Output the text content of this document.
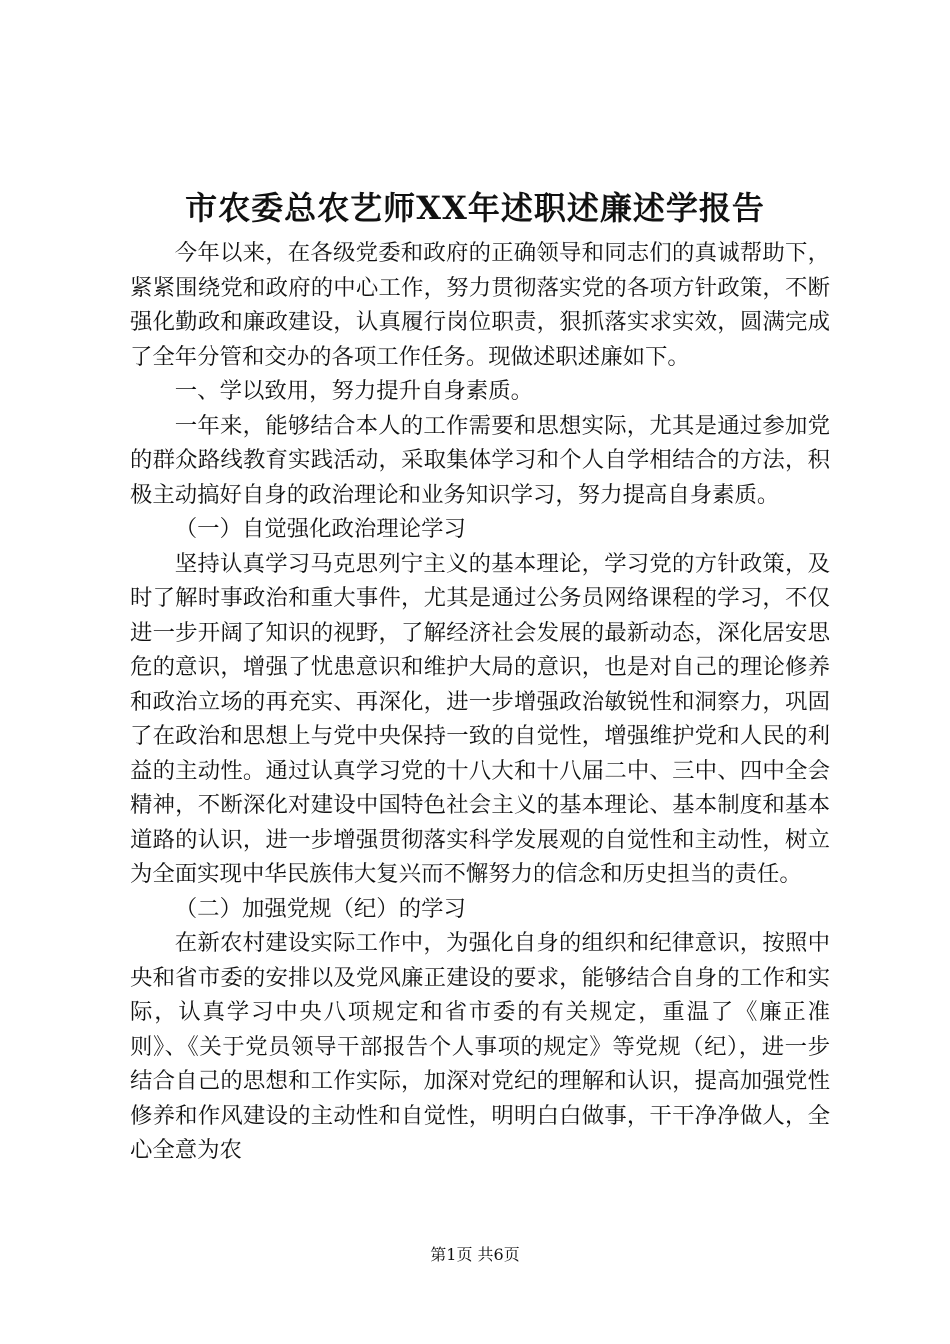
市农委总农艺师XX年述职述廉述学报告

今年以来，在各级党委和政府的正确领导和同志们的真诚帮助下，紧紧围绕党和政府的中心工作，努力贯彻落实党的各项方针政策，不断强化勤政和廉政建设，认真履行岗位职责，狠抓落实求实效，圆满完成了全年分管和交办的各项工作任务。现做述职述廉如下。

一、学以致用，努力提升自身素质。

一年来，能够结合本人的工作需要和思想实际，尤其是通过参加党的群众路线教育实践活动，采取集体学习和个人自学相结合的方法，积极主动搞好自身的政治理论和业务知识学习，努力提高自身素质。

（一）自觉强化政治理论学习

坚持认真学习马克思列宁主义的基本理论，学习党的方针政策，及时了解时事政治和重大事件，尤其是通过公务员网络课程的学习，不仅进一步开阔了知识的视野，了解经济社会发展的最新动态，深化居安思危的意识，增强了忧患意识和维护大局的意识，也是对自己的理论修养和政治立场的再充实、再深化，进一步增强政治敏锐性和洞察力，巩固了在政治和思想上与党中央保持一致的自觉性，增强维护党和人民的利益的主动性。通过认真学习党的十八大和十八届二中、三中、四中全会精神，不断深化对建设中国特色社会主义的基本理论、基本制度和基本道路的认识，进一步增强贯彻落实科学发展观的自觉性和主动性，树立为全面实现中华民族伟大复兴而不懈努力的信念和历史担当的责任。

（二）加强党规（纪）的学习

在新农村建设实际工作中，为强化自身的组织和纪律意识，按照中央和省市委的安排以及党风廉正建设的要求，能够结合自身的工作和实际，认真学习中央八项规定和省市委的有关规定，重温了《廉正准则》、《关于党员领导干部报告个人事项的规定》等党规（纪），进一步结合自己的思想和工作实际，加深对党纪的理解和认识，提高加强党性修养和作风建设的主动性和自觉性，明明白白做事，干干净净做人，全心全意为农

第1页 共6页
